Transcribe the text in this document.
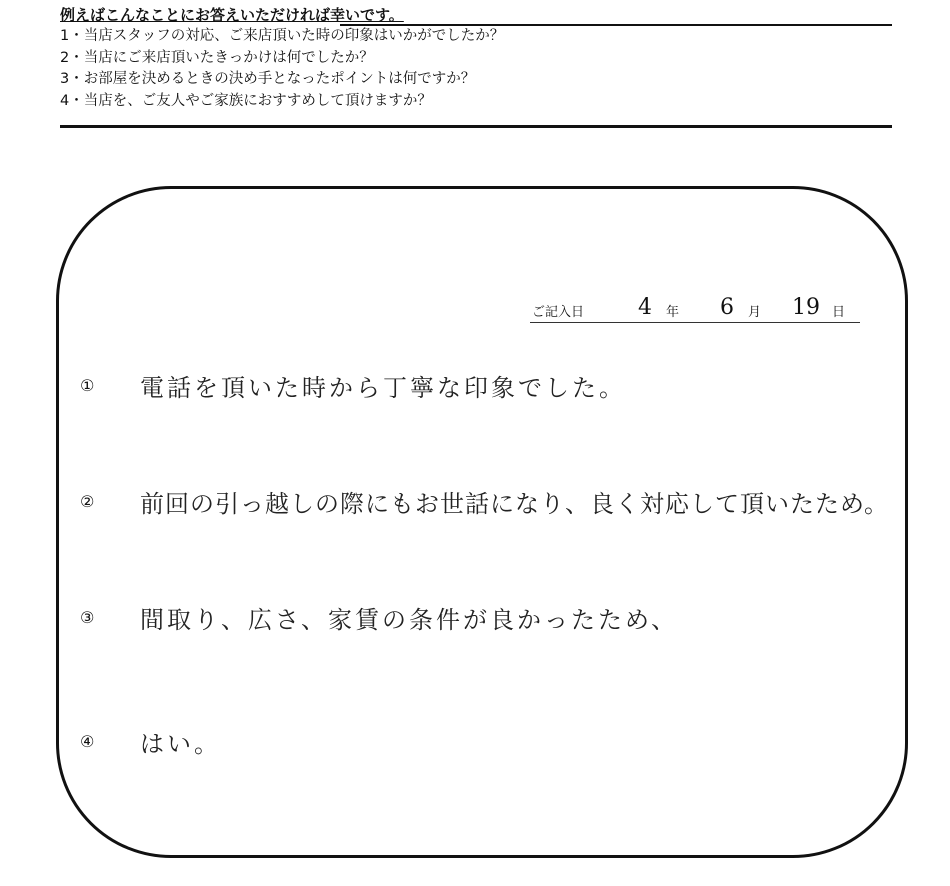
例えばこんなことにお答えいただければ幸いです。
1・当店スタッフの対応、ご来店頂いた時の印象はいかがでしたか？
2・当店にご来店頂いたきっかけは何でしたか？
3・お部屋を決めるときの決め手となったポイントは何ですか？
4・当店を、ご友人やご家族におすすめして頂けますか？
ご記入日 4 年 6 月 19 日
①	電話を頂いた時から丁寧な印象でした。
②	前回の引っ越しの際にもお世話になり、良く対応して頂いたため。
③	間取り、広さ、家賃の条件が良かったため、
④	はい。
